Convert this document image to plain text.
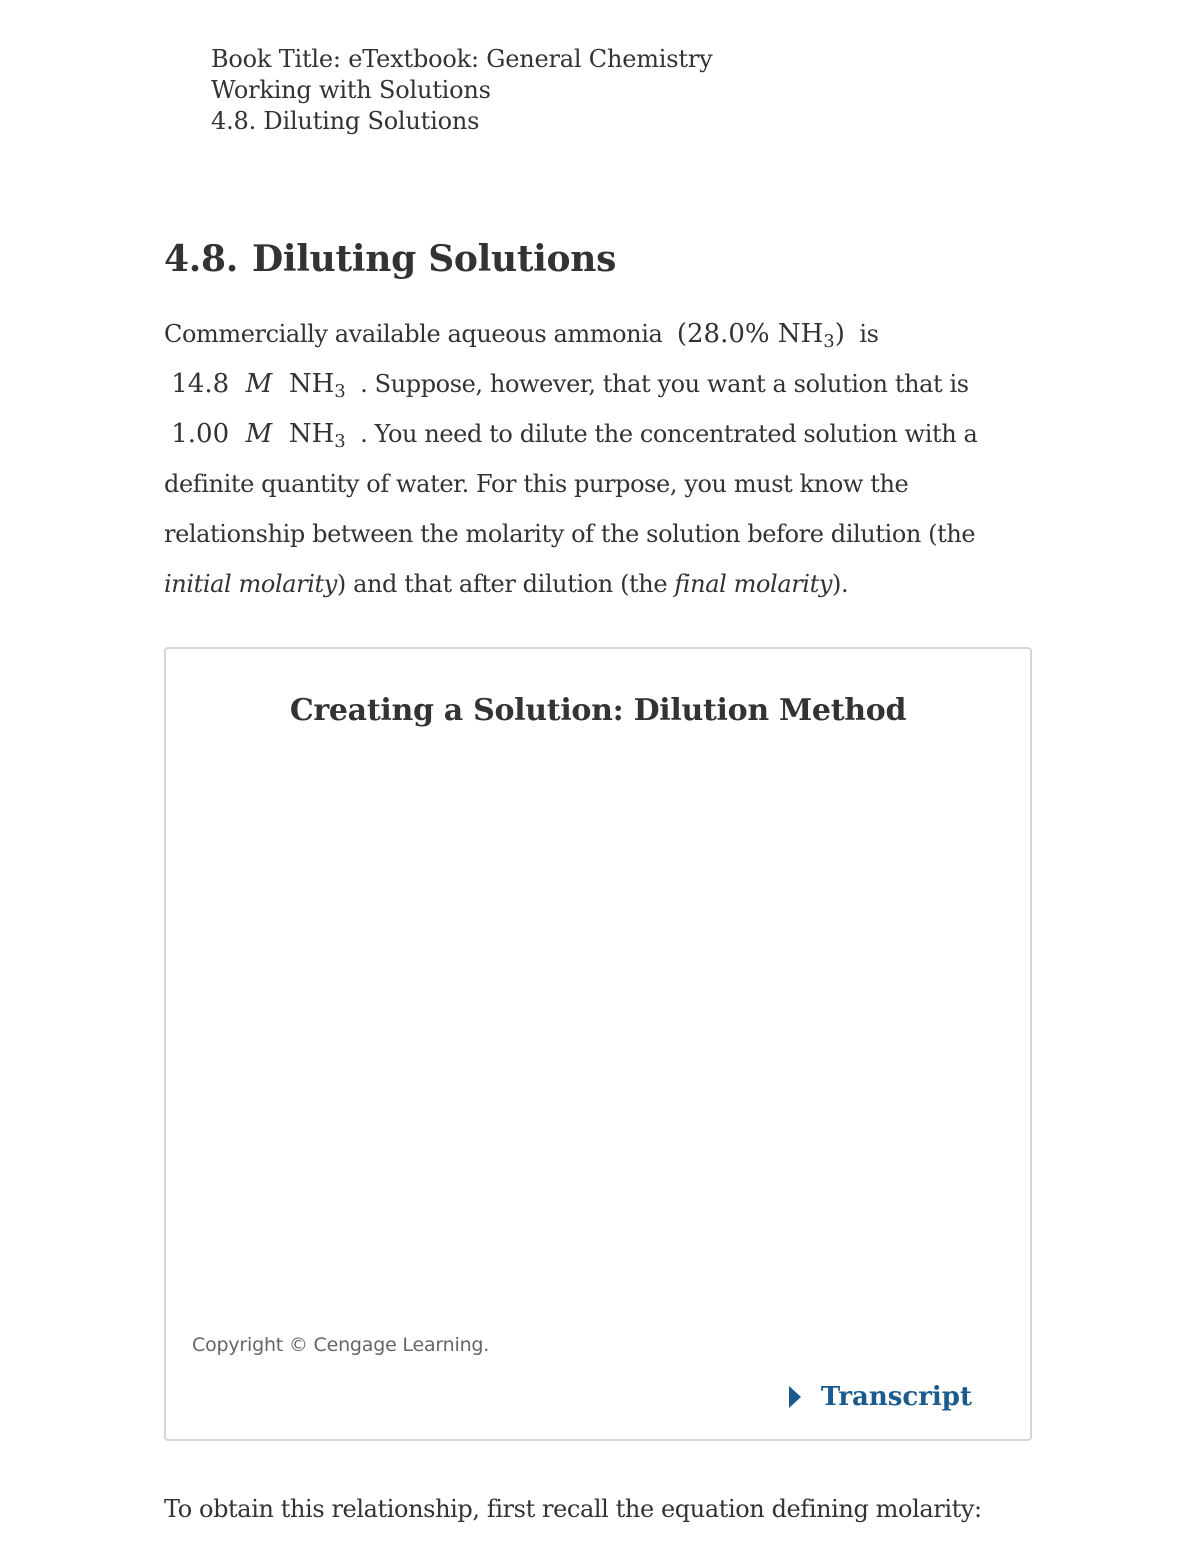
Book Title: eTextbook: General Chemistry
Working with Solutions
4.8. Diluting Solutions
4.8. Diluting Solutions
Commercially available aqueous ammonia (28.0% $NH_3$) is
14.8 M $NH_3$ . Suppose, however, that you want a solution that is
1.00 M $NH_3$ . You need to dilute the concentrated solution with a
definite quantity of water. For this purpose, you must know the
relationship between the molarity of the solution before dilution (the
initial molarity) and that after dilution (the final molarity).
Creating a Solution: Dilution Method
Copyright © Cengage Learning.
Transcript
To obtain this relationship, first recall the equation defining molarity:
